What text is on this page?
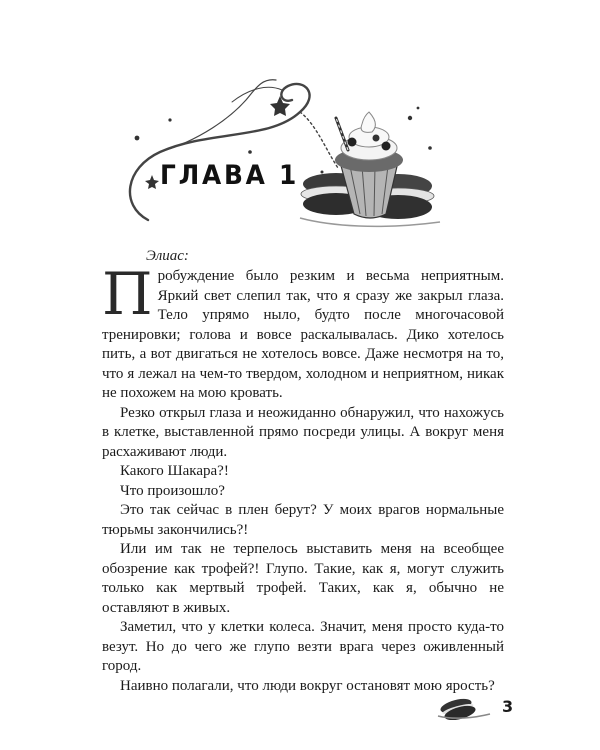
ГЛАВА 1
Элиас:

Пробуждение было резким и весьма неприятным. Яркий свет слепил так, что я сразу же закрыл глаза. Тело упрямо ныло, будто после многочасовой тренировки; голова и вовсе раскалывалась. Дико хотелось пить, а вот двигаться не хотелось вовсе. Даже несмотря на то, что я лежал на чем-то твердом, холодном и неприятном, никак не похожем на мою кровать.

Резко открыл глаза и неожиданно обнаружил, что нахожусь в клетке, выставленной прямо посреди улицы. А вокруг меня расхаживают люди.

Какого Шакара?!

Что произошло?

Это так сейчас в плен берут? У моих врагов нормальные тюрьмы закончились?!

Или им так не терпелось выставить меня на всеобщее обозрение как трофей?! Глупо. Такие, как я, могут служить только как мертвый трофей. Таких, как я, обычно не оставляют в живых.

Заметил, что у клетки колеса. Значит, меня просто куда-то везут. Но до чего же глупо везти врага через оживленный город.

Наивно полагали, что люди вокруг остановят мою ярость?

3
